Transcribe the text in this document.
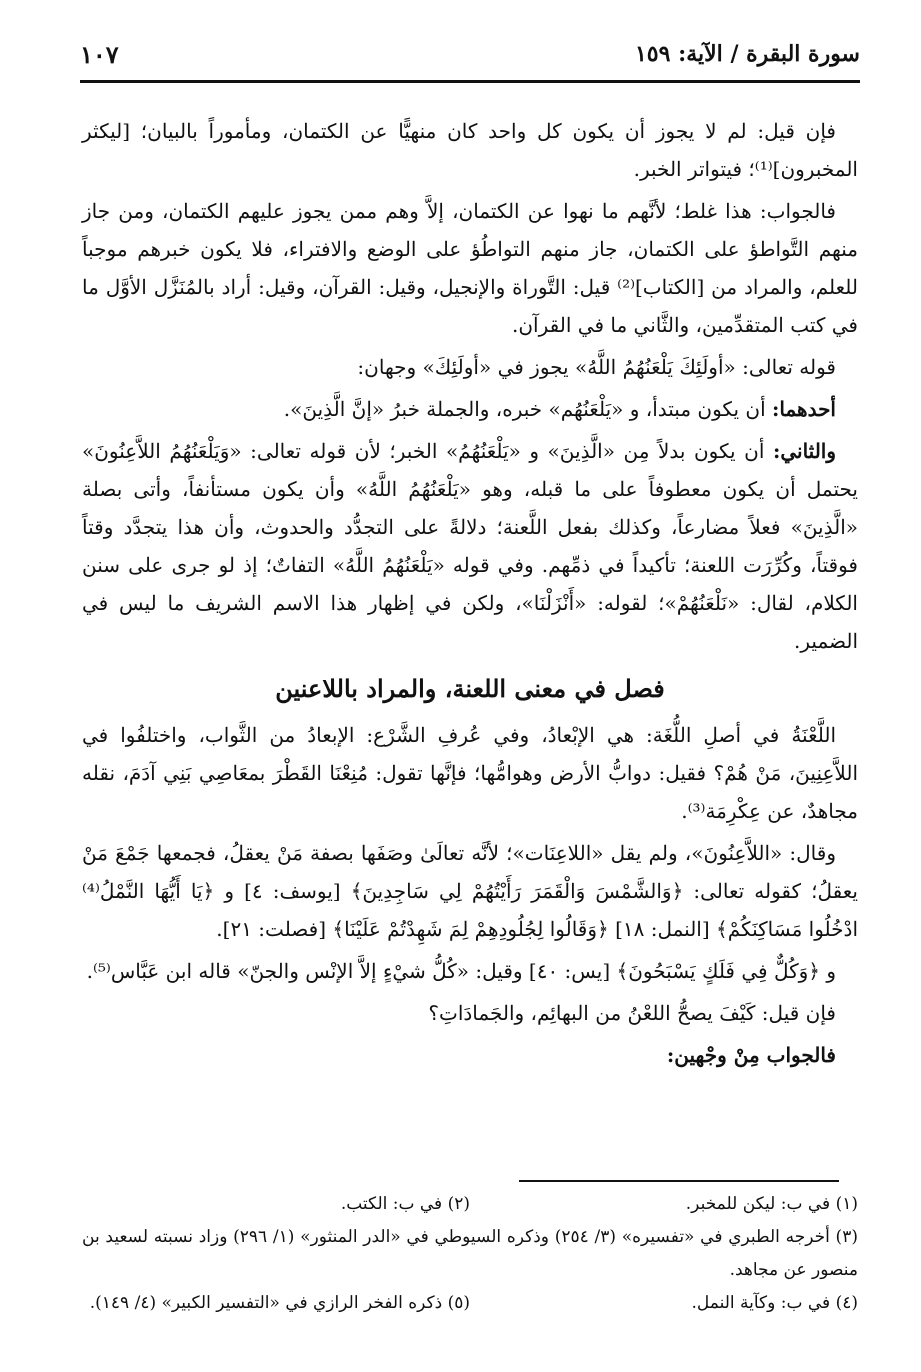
سورة البقرة / الآية: ١٥٩
١٠٧

فإن قيل: لم لا يجوز أن يكون كل واحد كان منهيًّا عن الكتمان، ومأموراً بالبيان؛ [ليكثر المخبرون]⁽¹⁾؛ فيتواتر الخبر.

فالجواب: هذا غلط؛ لأنَّهم ما نهوا عن الكتمان، إلاَّ وهم ممن يجوز عليهم الكتمان، ومن جاز منهم التَّواطؤ على الكتمان، جاز منهم التواطُؤ على الوضع والافتراء، فلا يكون خبرهم موجباً للعلم، والمراد من [الكتاب]⁽²⁾ قيل: التَّوراة والإنجيل، وقيل: القرآن، وقيل: أراد بالمُنَزَّل الأوَّل ما في كتب المتقدِّمين، والثَّاني ما في القرآن.

قوله تعالى: «أولَئِكَ يَلْعَنُهُمُ اللَّهُ» يجوز في «أولَئِكَ» وجهان:

أحدهما: أن يكون مبتدأ، و «يَلْعَنُهُم» خبره، والجملة خبرُ «إنَّ الَّذِينَ».

والثاني: أن يكون بدلاً مِن «الَّذِينَ» و «يَلْعَنُهُمُ» الخبر؛ لأن قوله تعالى: «وَيَلْعَنُهُمُ اللاَّعِنُونَ» يحتمل أن يكون معطوفاً على ما قبله، وهو «يَلْعَنُهُمُ اللَّهُ» وأن يكون مستأنفاً، وأتى بصلة «الَّذِينَ» فعلاً مضارعاً، وكذلك بفعل اللَّعنة؛ دلالةً على التجدُّد والحدوث، وأن هذا يتجدَّد وقتاً فوقتاً، وكُرِّرَت اللعنة؛ تأكيداً في ذمِّهم. وفي قوله «يَلْعَنُهُمُ اللَّهُ» التفاتٌ؛ إذ لو جرى على سنن الكلام، لقال: «نَلْعَنُهُمْ»؛ لقوله: «أَنْزَلْنَا»، ولكن في إظهار هذا الاسم الشريف ما ليس في الضمير.

فصل في معنى اللعنة، والمراد باللاعنين

اللَّعْنَةُ في أصلِ اللُّغَة: هي الإبْعادُ، وفي عُرفِ الشَّرْع: الإبعادُ من الثَّواب، واختلفُوا في اللاَّعِنِينَ، مَنْ هُمْ؟ فقيل: دوابُّ الأرض وهوامُّها؛ فإنَّها تقول: مُنِعْنَا القَطْرَ بمعَاصِي بَنِي آدَمَ، نقله مجاهدٌ، عن عِكْرِمَة⁽³⁾.

وقال: «اللاَّعِنُونَ»، ولم يقل «اللاعِنَات»؛ لأنَّه تعالَىٰ وصَفَها بصفة مَنْ يعقلُ، فجمعها جَمْعَ مَنْ يعقلُ؛ كقوله تعالى: ﴿وَالشَّمْسَ وَالْقَمَرَ رَأَيْتُهُمْ لِي سَاجِدِينَ﴾ [يوسف: ٤] و ﴿يَا أَيُّهَا النَّمْلُ⁽⁴⁾ ادْخُلُوا مَسَاكِنَكُمْ﴾ [النمل: ١٨] ﴿وَقَالُوا لِجُلُودِهِمْ لِمَ شَهِدْتُمْ عَلَيْنَا﴾ [فصلت: ٢١].

و ﴿وَكُلٌّ فِي فَلَكٍ يَسْبَحُونَ﴾ [يس: ٤٠] وقيل: «كُلُّ شيْءٍ إلاَّ الإنْس والجنّ» قاله ابن عَبَّاس⁽⁵⁾.

فإن قيل: كَيْفَ يصحُّ اللعْنُ من البهائِم، والجَمادَاتِ؟

فالجواب مِنْ وجْهين:

(١) في ب: ليكن للمخبر.
(٢) في ب: الكتب.

(٣) أخرجه الطبري في «تفسيره» (٣/ ٢٥٤) وذكره السيوطي في «الدر المنثور» (١/ ٢٩٦) وزاد نسبته لسعيد بن منصور عن مجاهد.

(٤) في ب: وكآية النمل.
(٥) ذكره الفخر الرازي في «التفسير الكبير» (٤/ ١٤٩).
